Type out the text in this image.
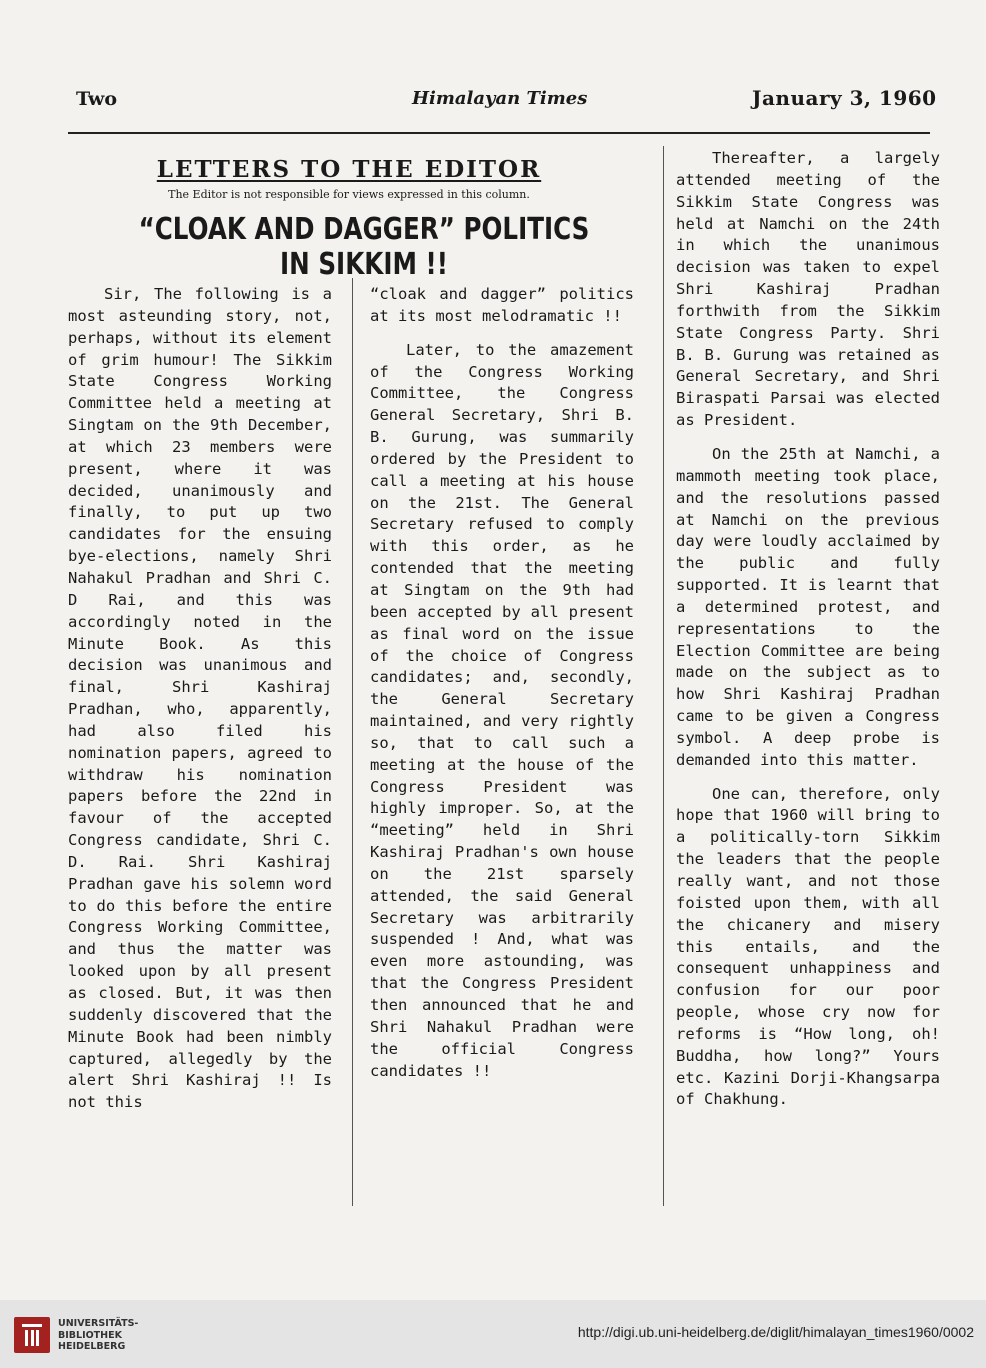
Two	Himalayan Times	January 3, 1960
LETTERS TO THE EDITOR
The Editor is not responsible for views expressed in this column.
“CLOAK AND DAGGER” POLITICS IN SIKKIM !!

Sir, The following is a most asteunding story, not, perhaps, without its element of grim humour! The Sikkim State Congress Working Committee held a meeting at Singtam on the 9th December, at which 23 members were present, where it was decided, unanimously and finally, to put up two candidates for the ensuing bye-elections, namely Shri Nahakul Pradhan and Shri C. D Rai, and this was accordingly noted in the Minute Book. As this decision was unanimous and final, Shri Kashiraj Pradhan, who, apparently, had also filed his nomination papers, agreed to withdraw his nomination papers before the 22nd in favour of the accepted Congress candidate, Shri C. D. Rai. Shri Kashiraj Pradhan gave his solemn word to do this before the entire Congress Working Committee, and thus the matter was looked upon by all present as closed. But, it was then suddenly discovered that the Minute Book had been nimbly captured, allegedly by the alert Shri Kashiraj !! Is not this

“cloak and dagger” politics at its most melodramatic !!

Later, to the amazement of the Congress Working Committee, the Congress General Secretary, Shri B. B. Gurung, was summarily ordered by the President to call a meeting at his house on the 21st. The General Secretary refused to comply with this order, as he contended that the meeting at Singtam on the 9th had been accepted by all present as final word on the issue of the choice of Congress candidates; and, secondly, the General Secretary maintained, and very rightly so, that to call such a meeting at the house of the Congress President was highly improper. So, at the “meeting” held in Shri Kashiraj Pradhan's own house on the 21st sparsely attended, the said General Secretary was arbitrarily suspended ! And, what was even more astounding, was that the Congress President then announced that he and Shri Nahakul Pradhan were the official Congress candidates !!

Thereafter, a largely attended meeting of the Sikkim State Congress was held at Namchi on the 24th in which the unanimous decision was taken to expel Shri Kashiraj Pradhan forthwith from the Sikkim State Congress Party. Shri B. B. Gurung was retained as General Secretary, and Shri Biraspati Parsai was elected as President.

On the 25th at Namchi, a mammoth meeting took place, and the resolutions passed at Namchi on the previous day were loudly acclaimed by the public and fully supported. It is learnt that a determined protest, and representations to the Election Committee are being made on the subject as to how Shri Kashiraj Pradhan came to be given a Congress symbol. A deep probe is demanded into this matter.

One can, therefore, only hope that 1960 will bring to a politically-torn Sikkim the leaders that the people really want, and not those foisted upon them, with all the chicanery and misery this entails, and the consequent unhappiness and confusion for our poor people, whose cry now for reforms is “How long, oh! Buddha, how long?” Yours etc. Kazini Dorji-Khangsarpa of Chakhung.

UNIVERSITÄTS-
BIBLIOTHEK
HEIDELBERG
http://digi.ub.uni-heidelberg.de/diglit/himalayan_times1960/0002
